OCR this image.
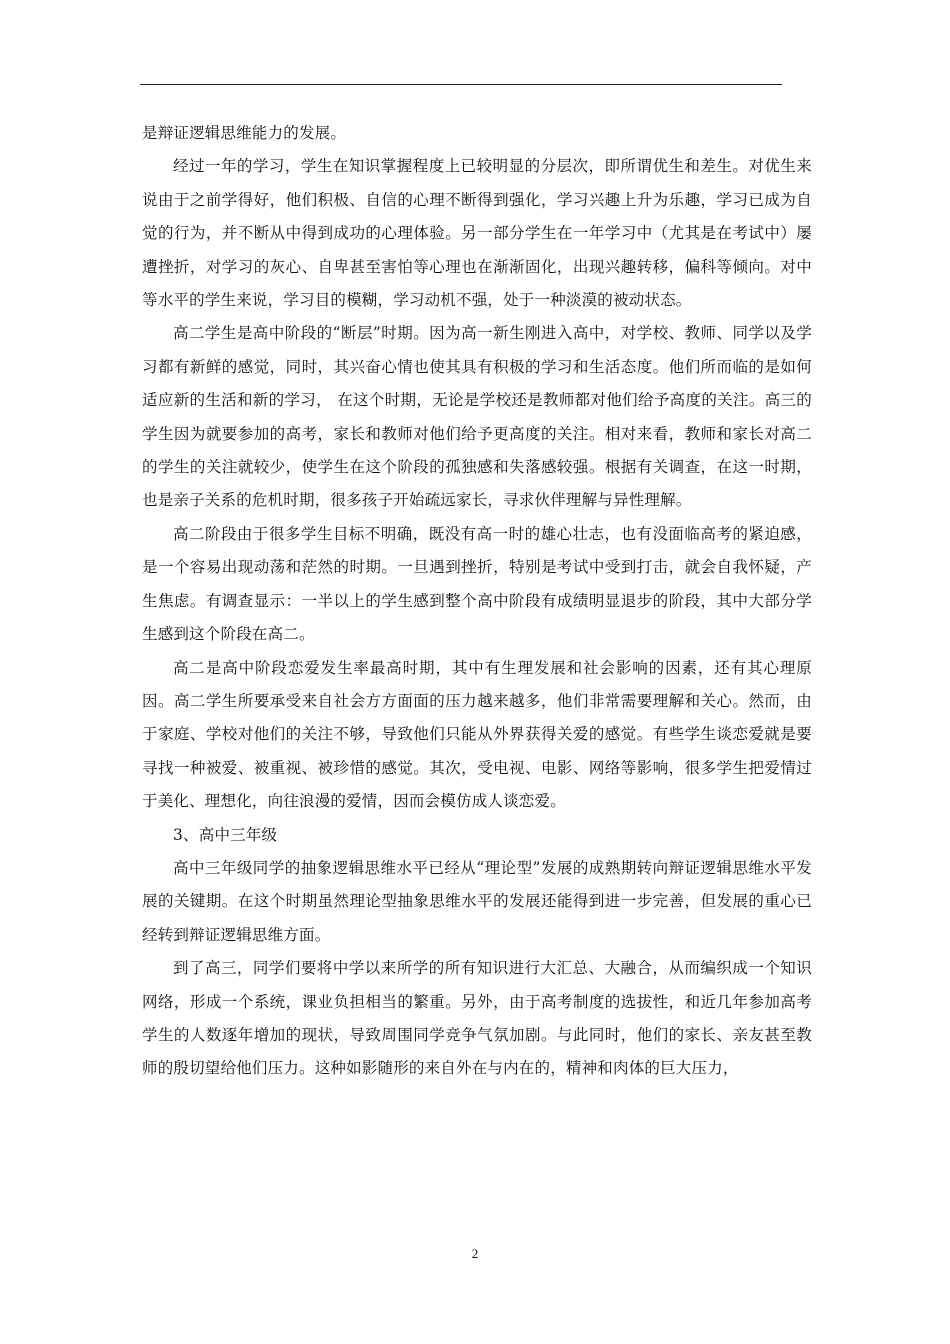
是辩证逻辑思维能力的发展。

经过一年的学习，学生在知识掌握程度上已较明显的分层次，即所谓优生和差生。对优生来说由于之前学得好，他们积极、自信的心理不断得到强化，学习兴趣上升为乐趣，学习已成为自觉的行为，并不断从中得到成功的心理体验。另一部分学生在一年学习中（尤其是在考试中）屡遭挫折，对学习的灰心、自卑甚至害怕等心理也在渐渐固化，出现兴趣转移，偏科等倾向。对中等水平的学生来说，学习目的模糊，学习动机不强，处于一种淡漠的被动状态。

高二学生是高中阶段的“断层”时期。因为高一新生刚进入高中，对学校、教师、同学以及学习都有新鲜的感觉，同时，其兴奋心情也使其具有积极的学习和生活态度。他们所而临的是如何适应新的生活和新的学习， 在这个时期，无论是学校还是教师都对他们给予高度的关注。高三的学生因为就要参加的高考，家长和教师对他们给予更高度的关注。相对来看，教师和家长对高二的学生的关注就较少，使学生在这个阶段的孤独感和失落感较强。根据有关调查，在这一时期，也是亲子关系的危机时期，很多孩子开始疏远家长，寻求伙伴理解与异性理解。

高二阶段由于很多学生目标不明确，既没有高一时的雄心壮志，也有没面临高考的紧迫感，是一个容易出现动荡和茫然的时期。一旦遇到挫折，特别是考试中受到打击，就会自我怀疑，产生焦虑。有调查显示：一半以上的学生感到整个高中阶段有成绩明显退步的阶段，其中大部分学生感到这个阶段在高二。

高二是高中阶段恋爱发生率最高时期，其中有生理发展和社会影响的因素，还有其心理原因。高二学生所要承受来自社会方方面面的压力越来越多，他们非常需要理解和关心。然而，由于家庭、学校对他们的关注不够，导致他们只能从外界获得关爱的感觉。有些学生谈恋爱就是要寻找一种被爱、被重视、被珍惜的感觉。其次，受电视、电影、网络等影响，很多学生把爱情过于美化、理想化，向往浪漫的爱情，因而会模仿成人谈恋爱。

3、高中三年级

高中三年级同学的抽象逻辑思维水平已经从“理论型”发展的成熟期转向辩证逻辑思维水平发展的关键期。在这个时期虽然理论型抽象思维水平的发展还能得到进一步完善，但发展的重心已经转到辩证逻辑思维方面。

到了高三，同学们要将中学以来所学的所有知识进行大汇总、大融合，从而编织成一个知识网络，形成一个系统，课业负担相当的繁重。另外，由于高考制度的选拔性，和近几年参加高考学生的人数逐年增加的现状，导致周围同学竞争气氛加剧。与此同时，他们的家长、亲友甚至教师的殷切望给他们压力。这种如影随形的来自外在与内在的，精神和肉体的巨大压力，

2
